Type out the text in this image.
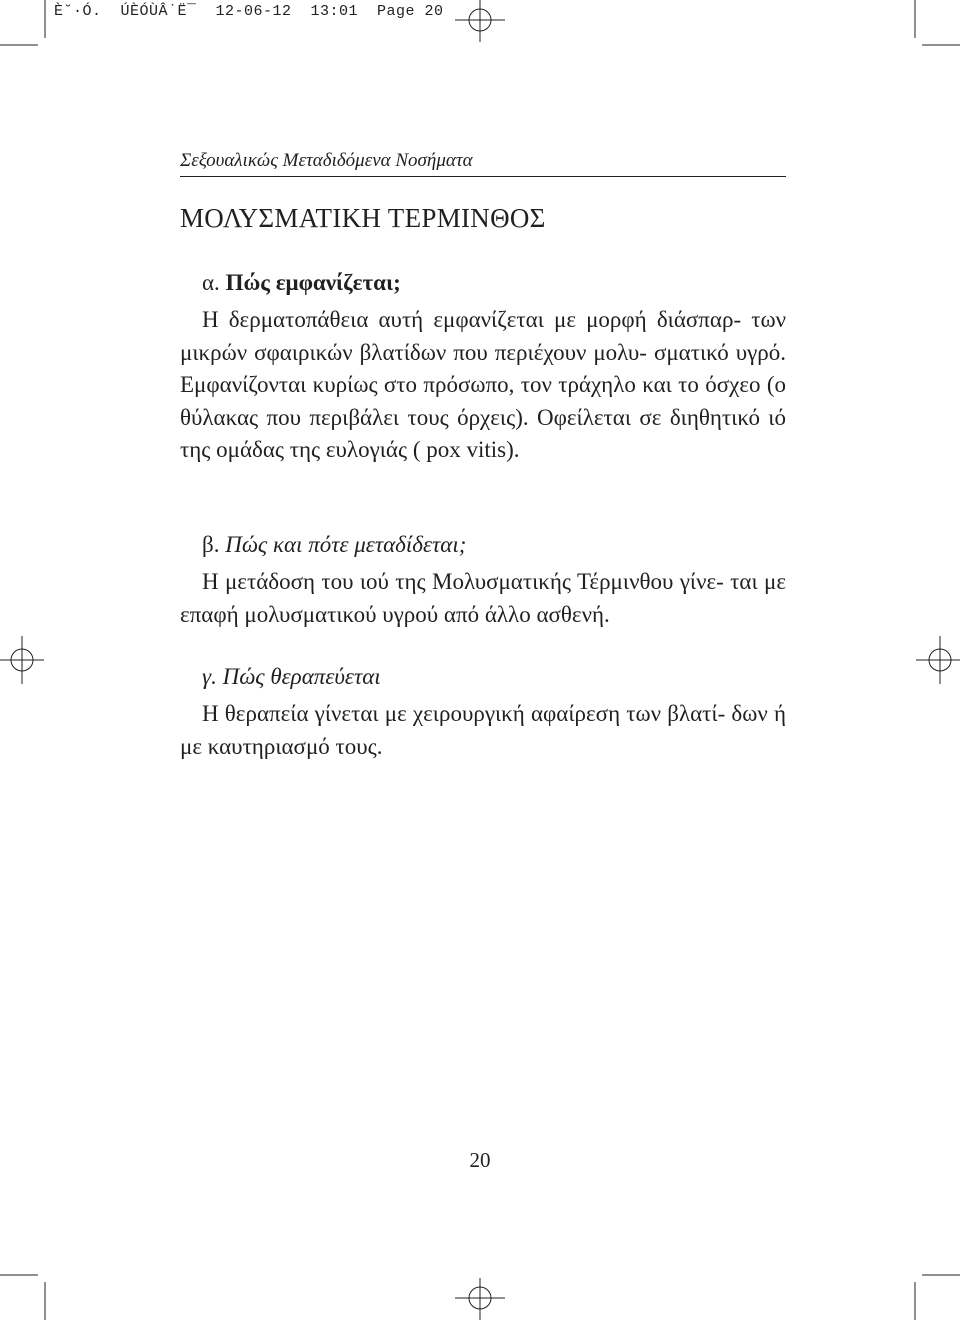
È˘·Ó.  ÚÈÓÙÂ˙Ë¯  12-06-12  13:01  Page 20
Σεξουαλικώς Μεταδιδόμενα Νοσήματα
ΜΟΛΥΣΜΑΤΙΚΗ ΤΕΡΜΙΝΘΟΣ
α. Πώς εμφανίζεται;

Η δερματοπάθεια αυτή εμφανίζεται με μορφή διάσπαρ- των μικρών σφαιρικών βλατίδων που περιέχουν μολυ- σματικό υγρό. Εμφανίζονται κυρίως στο πρόσωπο, τον τράχηλο και το όσχεο (ο θύλακας που περιβάλει τους όρχεις). Οφείλεται σε διηθητικό ιό της ομάδας της ευλογιάς ( pox vitis).

β. Πώς και πότε μεταδίδεται;

Η μετάδοση του ιού της Μολυσματικής Τέρμινθου γίνε- ται με επαφή μολυσματικού υγρού από άλλο ασθενή.

γ. Πώς θεραπεύεται

Η θεραπεία γίνεται με χειρουργική αφαίρεση των βλατί- δων ή με καυτηριασμό τους.

20
